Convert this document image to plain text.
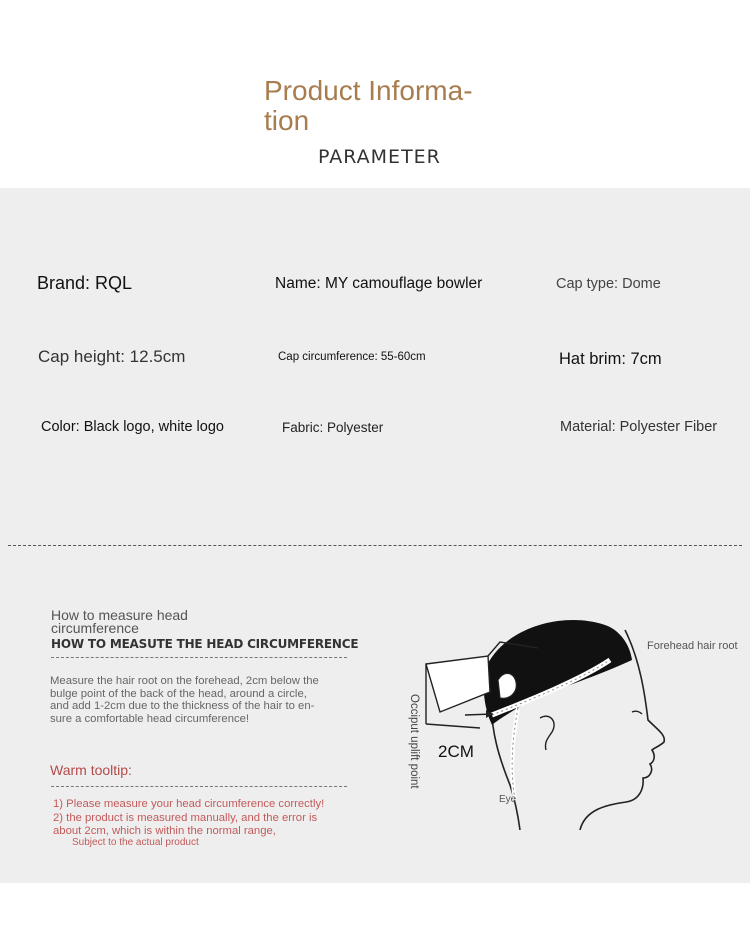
Product Informa-
tion
PARAMETER
Brand: RQL	Name: MY camouflage bowler	Cap type: Dome
Cap height: 12.5cm	Cap circumference: 55-60cm	Hat brim: 7cm
Color: Black logo, white logo	Fabric: Polyester	Material: Polyester Fiber
How to measure head
circumference
HOW TO MEASUTE THE HEAD CIRCUMFERENCE
Measure the hair root on the forehead, 2cm below the
bulge point of the back of the head, around a circle,
and add 1-2cm due to the thickness of the hair to en-
sure a comfortable head circumference!
Warm tooltip:
1) Please measure your head circumference correctly!
2) the product is measured manually, and the error is
about 2cm, which is within the normal range,
Subject to the actual product
Forehead hair root
Occiput uplift point 2CM
Eye
